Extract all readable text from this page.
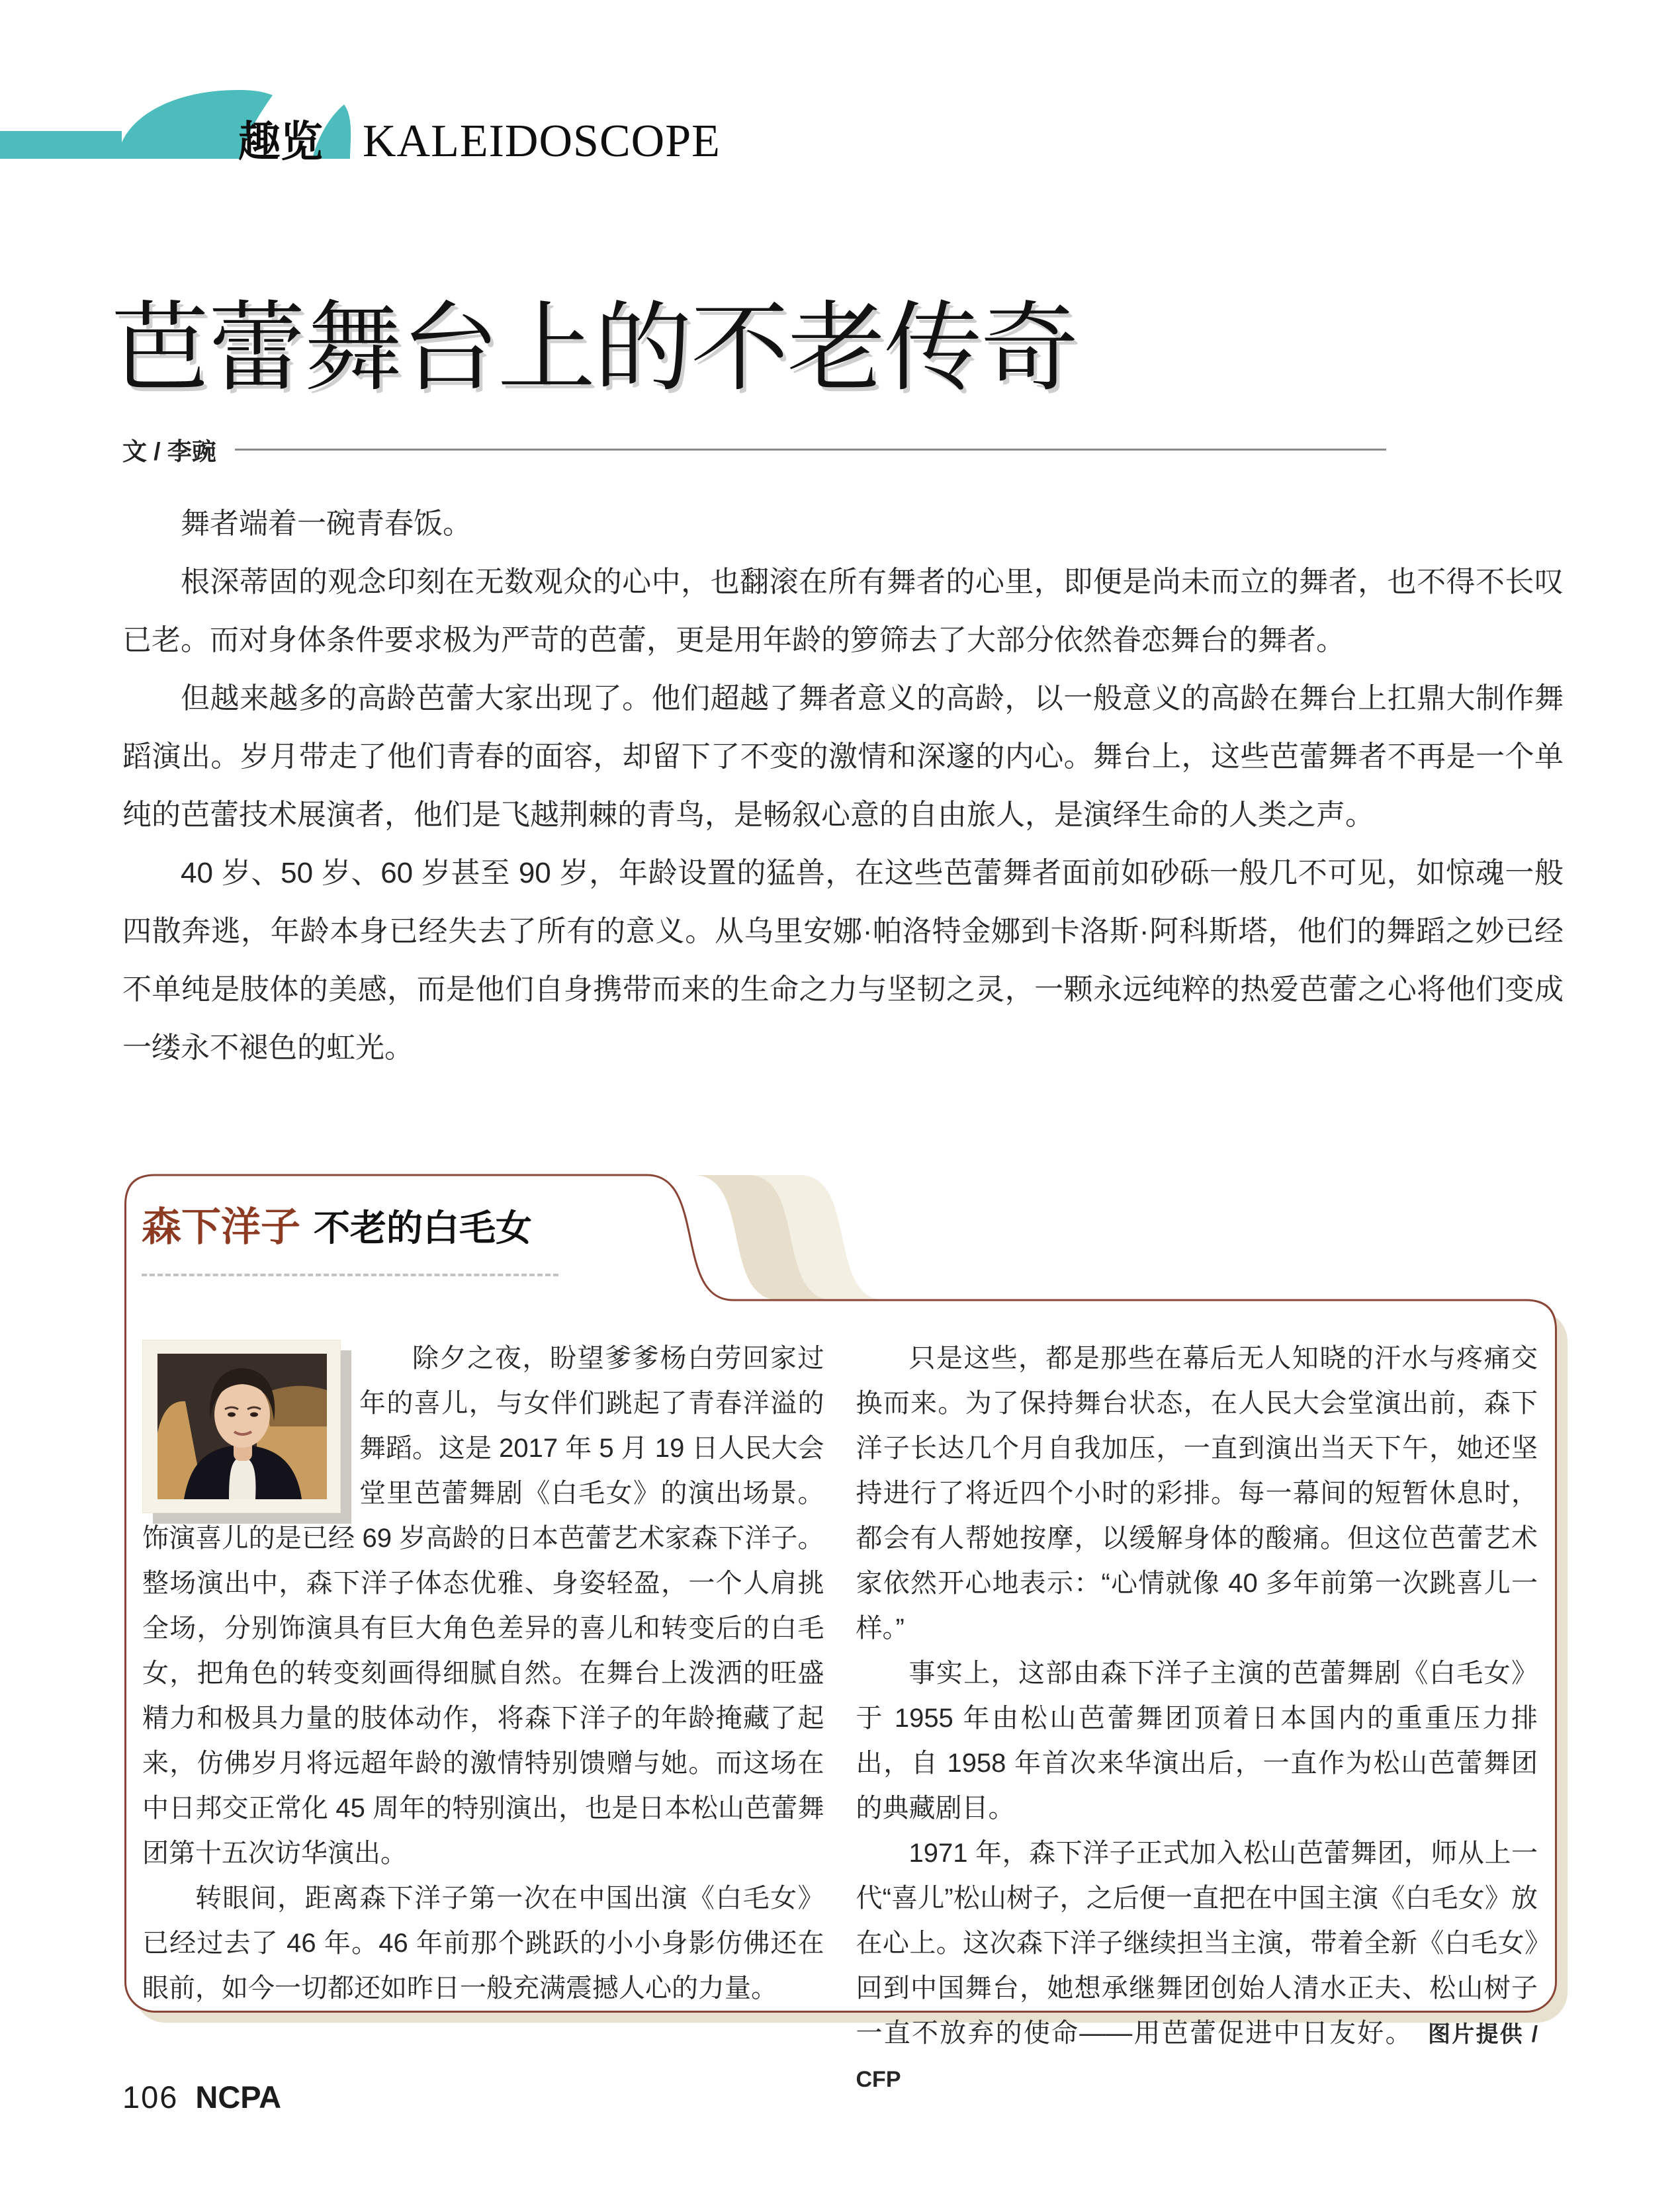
趣览 KALEIDOSCOPE
芭蕾舞台上的不老传奇
文 / 李豌

舞者端着一碗青春饭。

根深蒂固的观念印刻在无数观众的心中，也翻滚在所有舞者的心里，即便是尚未而立的舞者，也不得不长叹已老。而对身体条件要求极为严苛的芭蕾，更是用年龄的箩筛去了大部分依然眷恋舞台的舞者。

但越来越多的高龄芭蕾大家出现了。他们超越了舞者意义的高龄，以一般意义的高龄在舞台上扛鼎大制作舞蹈演出。岁月带走了他们青春的面容，却留下了不变的激情和深邃的内心。舞台上，这些芭蕾舞者不再是一个单纯的芭蕾技术展演者，他们是飞越荆棘的青鸟，是畅叙心意的自由旅人，是演绎生命的人类之声。

40 岁、50 岁、60 岁甚至 90 岁，年龄设置的猛兽，在这些芭蕾舞者面前如砂砾一般几不可见，如惊魂一般四散奔逃，年龄本身已经失去了所有的意义。从乌里安娜·帕洛特金娜到卡洛斯·阿科斯塔，他们的舞蹈之妙已经不单纯是肢体的美感，而是他们自身携带而来的生命之力与坚韧之灵，一颗永远纯粹的热爱芭蕾之心将他们变成一缕永不褪色的虹光。

森下洋子 不老的白毛女

除夕之夜，盼望爹爹杨白劳回家过年的喜儿，与女伴们跳起了青春洋溢的舞蹈。这是 2017 年 5 月 19 日人民大会堂里芭蕾舞剧《白毛女》的演出场景。饰演喜儿的是已经 69 岁高龄的日本芭蕾艺术家森下洋子。整场演出中，森下洋子体态优雅、身姿轻盈，一个人肩挑全场，分别饰演具有巨大角色差异的喜儿和转变后的白毛女，把角色的转变刻画得细腻自然。在舞台上泼洒的旺盛精力和极具力量的肢体动作，将森下洋子的年龄掩藏了起来，仿佛岁月将远超年龄的激情特别馈赠与她。而这场在中日邦交正常化 45 周年的特别演出，也是日本松山芭蕾舞团第十五次访华演出。

转眼间，距离森下洋子第一次在中国出演《白毛女》已经过去了 46 年。46 年前那个跳跃的小小身影仿佛还在眼前，如今一切都还如昨日一般充满震撼人心的力量。

只是这些，都是那些在幕后无人知晓的汗水与疼痛交换而来。为了保持舞台状态，在人民大会堂演出前，森下洋子长达几个月自我加压，一直到演出当天下午，她还坚持进行了将近四个小时的彩排。每一幕间的短暂休息时，都会有人帮她按摩，以缓解身体的酸痛。但这位芭蕾艺术家依然开心地表示：“心情就像 40 多年前第一次跳喜儿一样。”

事实上，这部由森下洋子主演的芭蕾舞剧《白毛女》于 1955 年由松山芭蕾舞团顶着日本国内的重重压力排出，自 1958 年首次来华演出后，一直作为松山芭蕾舞团的典藏剧目。

1971 年，森下洋子正式加入松山芭蕾舞团，师从上一代“喜儿”松山树子，之后便一直把在中国主演《白毛女》放在心上。这次森下洋子继续担当主演，带着全新《白毛女》回到中国舞台，她想承继舞团创始人清水正夫、松山树子一直不放弃的使命——用芭蕾促进中日友好。　 图片提供 / CFP

106 NCPA
